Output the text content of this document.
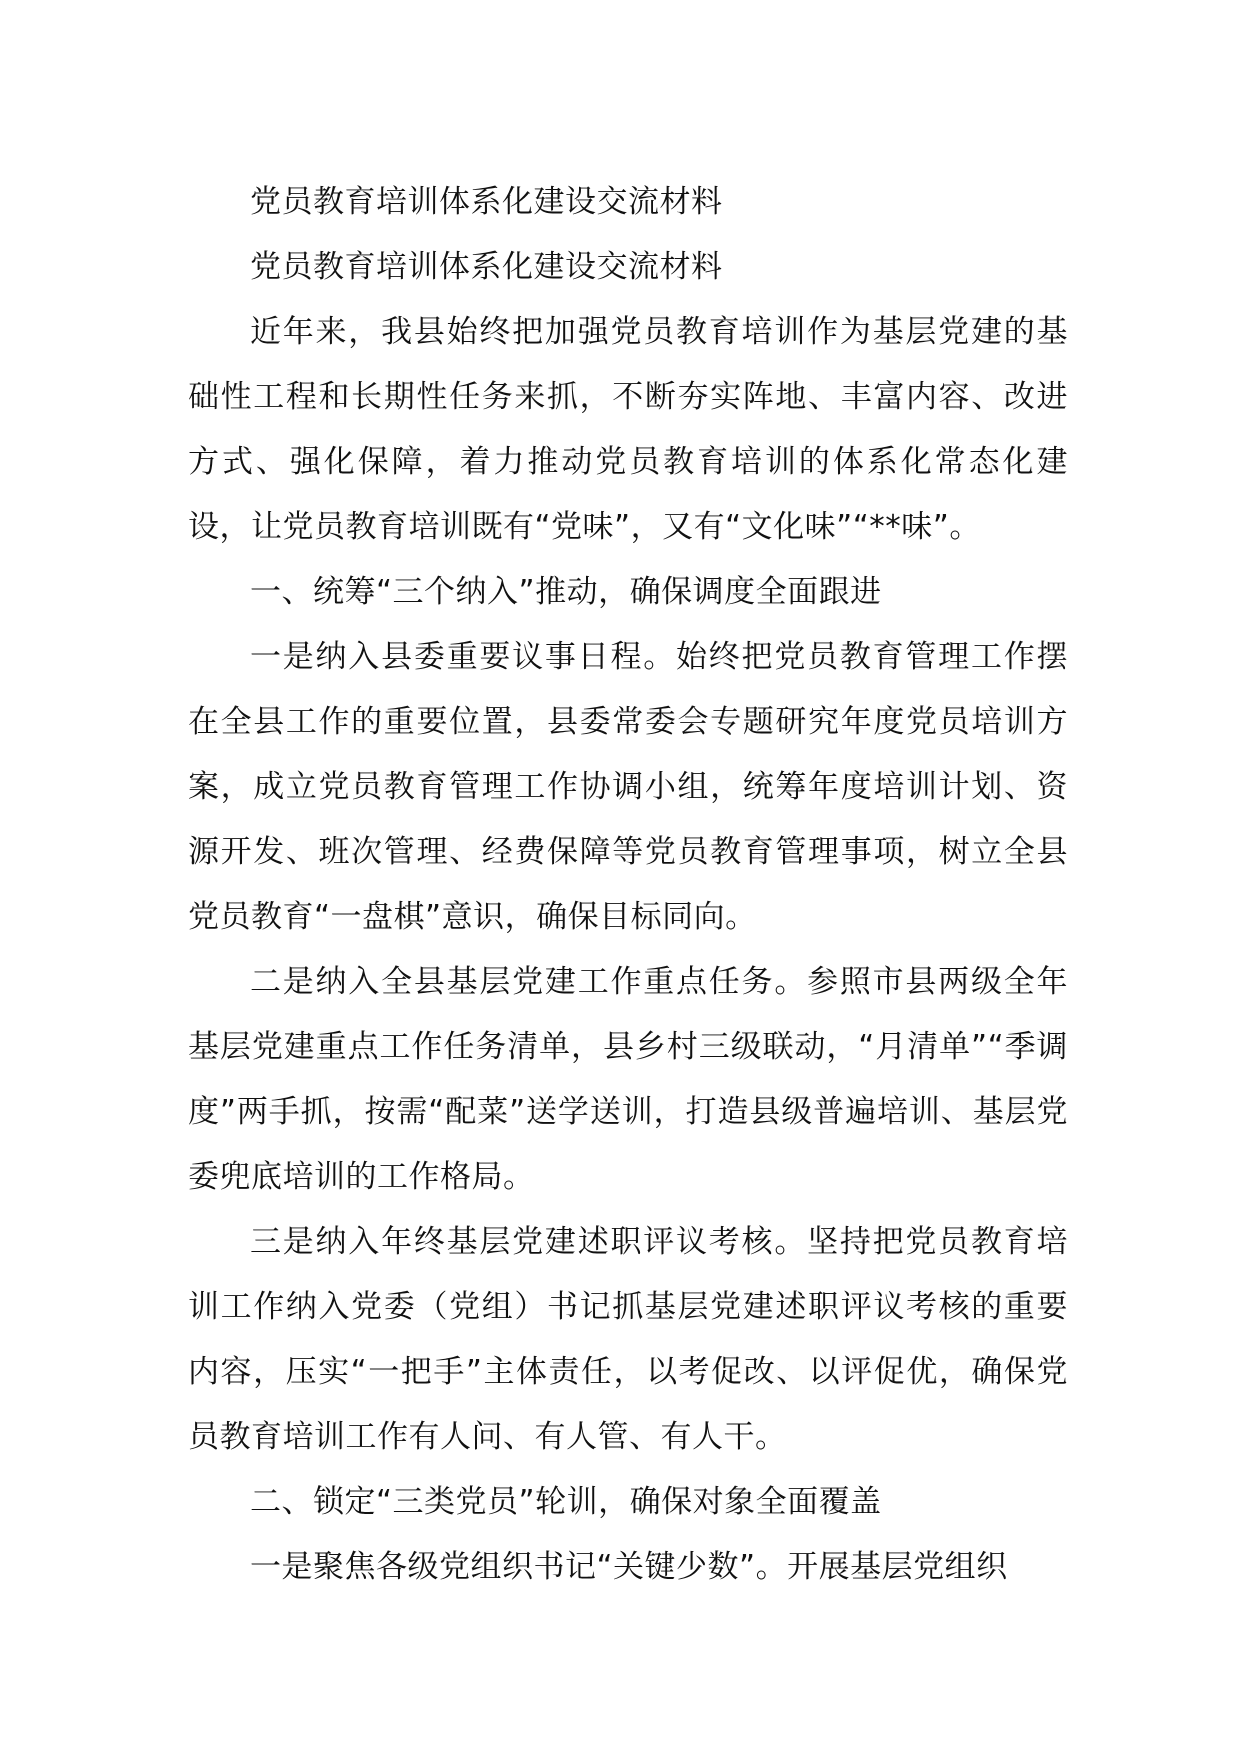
党员教育培训体系化建设交流材料

党员教育培训体系化建设交流材料

近年来，我县始终把加强党员教育培训作为基层党建的基础性工程和长期性任务来抓，不断夯实阵地、丰富内容、改进方式、强化保障，着力推动党员教育培训的体系化常态化建设，让党员教育培训既有“党味”，又有“文化味”“**味”。

一、统筹“三个纳入”推动，确保调度全面跟进

一是纳入县委重要议事日程。始终把党员教育管理工作摆在全县工作的重要位置，县委常委会专题研究年度党员培训方案，成立党员教育管理工作协调小组，统筹年度培训计划、资源开发、班次管理、经费保障等党员教育管理事项，树立全县党员教育“一盘棋”意识，确保目标同向。

二是纳入全县基层党建工作重点任务。参照市县两级全年基层党建重点工作任务清单，县乡村三级联动，“月清单”“季调度”两手抓，按需“配菜”送学送训，打造县级普遍培训、基层党委兜底培训的工作格局。

三是纳入年终基层党建述职评议考核。坚持把党员教育培训工作纳入党委（党组）书记抓基层党建述职评议考核的重要内容，压实“一把手”主体责任，以考促改、以评促优，确保党员教育培训工作有人问、有人管、有人干。

二、锁定“三类党员”轮训，确保对象全面覆盖

一是聚焦各级党组织书记“关键少数”。开展基层党组织
